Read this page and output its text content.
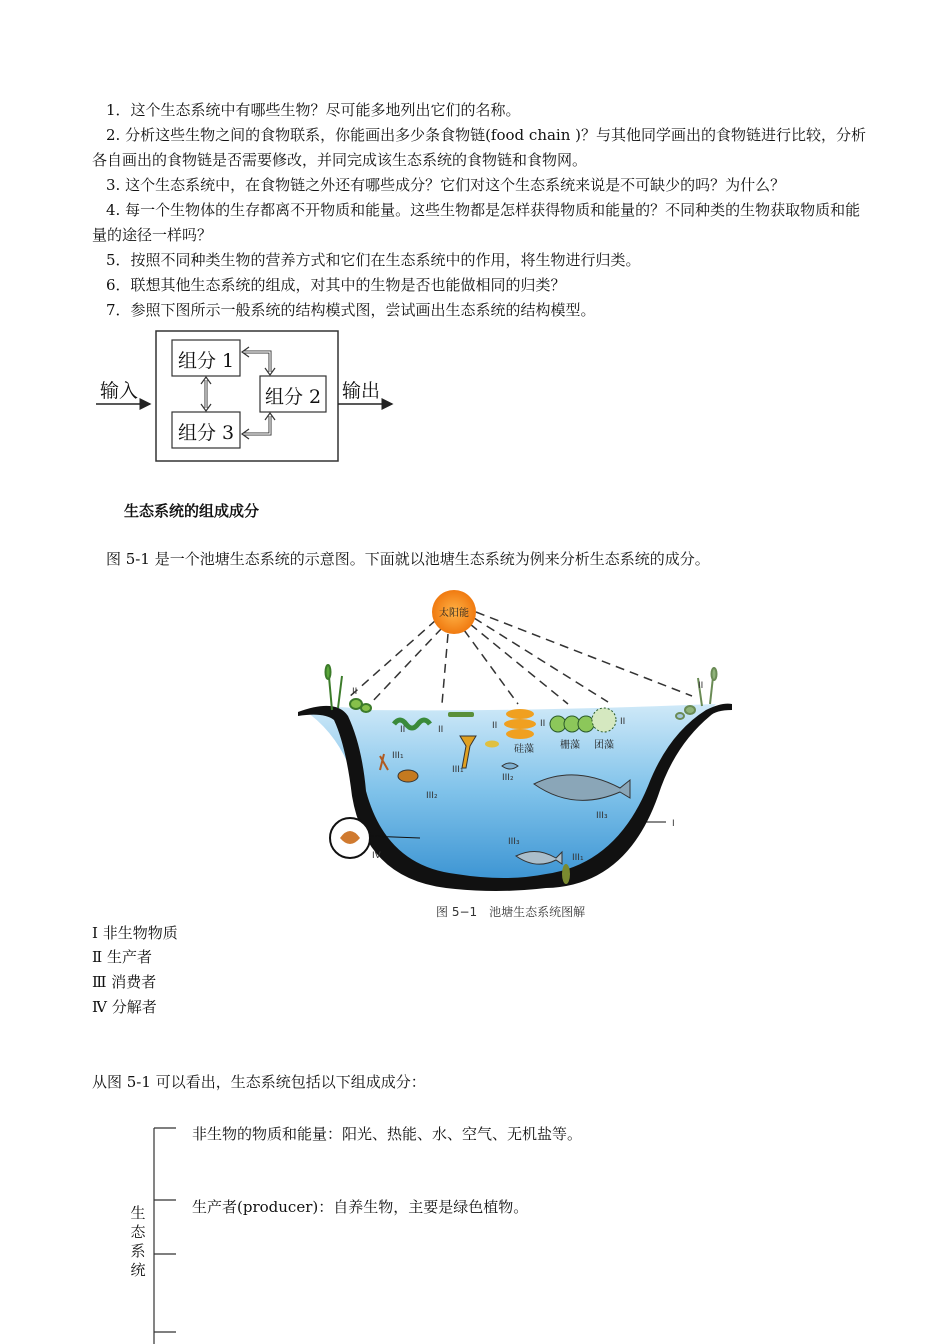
1．这个生态系统中有哪些生物？尽可能多地列出它们的名称。

2. 分析这些生物之间的食物联系，你能画出多少条食物链(food chain )？与其他同学画出的食物链进行比较，分析各自画出的食物链是否需要修改，并同完成该生态系统的食物链和食物网。

3. 这个生态系统中，在食物链之外还有哪些成分？它们对这个生态系统来说是不可缺少的吗？为什么？

4. 每一个生物体的生存都离不开物质和能量。这些生物都是怎样获得物质和能量的？不同种类的生物获取物质和能量的途径一样吗？

5．按照不同种类生物的营养方式和它们在生态系统中的作用，将生物进行归类。

6．联想其他生态系统的组成，对其中的生物是否也能做相同的归类？

7．参照下图所示一般系统的结构模式图，尝试画出生态系统的结构模型。

输入	输出
组分 1
组分 2
组分 3
生态系统的组成成分
图 5-1 是一个池塘生态系统的示意图。下面就以池塘生态系统为例来分析生态系统的成分。
太阳能
硅藻	栅藻 团藻
II
II	II	II	II
II
II
III₁
III₁
III₂
III₂
III₃
III₃
III₁
I
IV
图 5−1　池塘生态系统图解
Ⅰ 非生物物质
Ⅱ 生产者
Ⅲ 消费者
Ⅳ 分解者
从图 5-1 可以看出，生态系统包括以下组成成分：
生
态
系
统
非生物的物质和能量：阳光、热能、水、空气、无机盐等。
生产者(producer)：自养生物，主要是绿色植物。
